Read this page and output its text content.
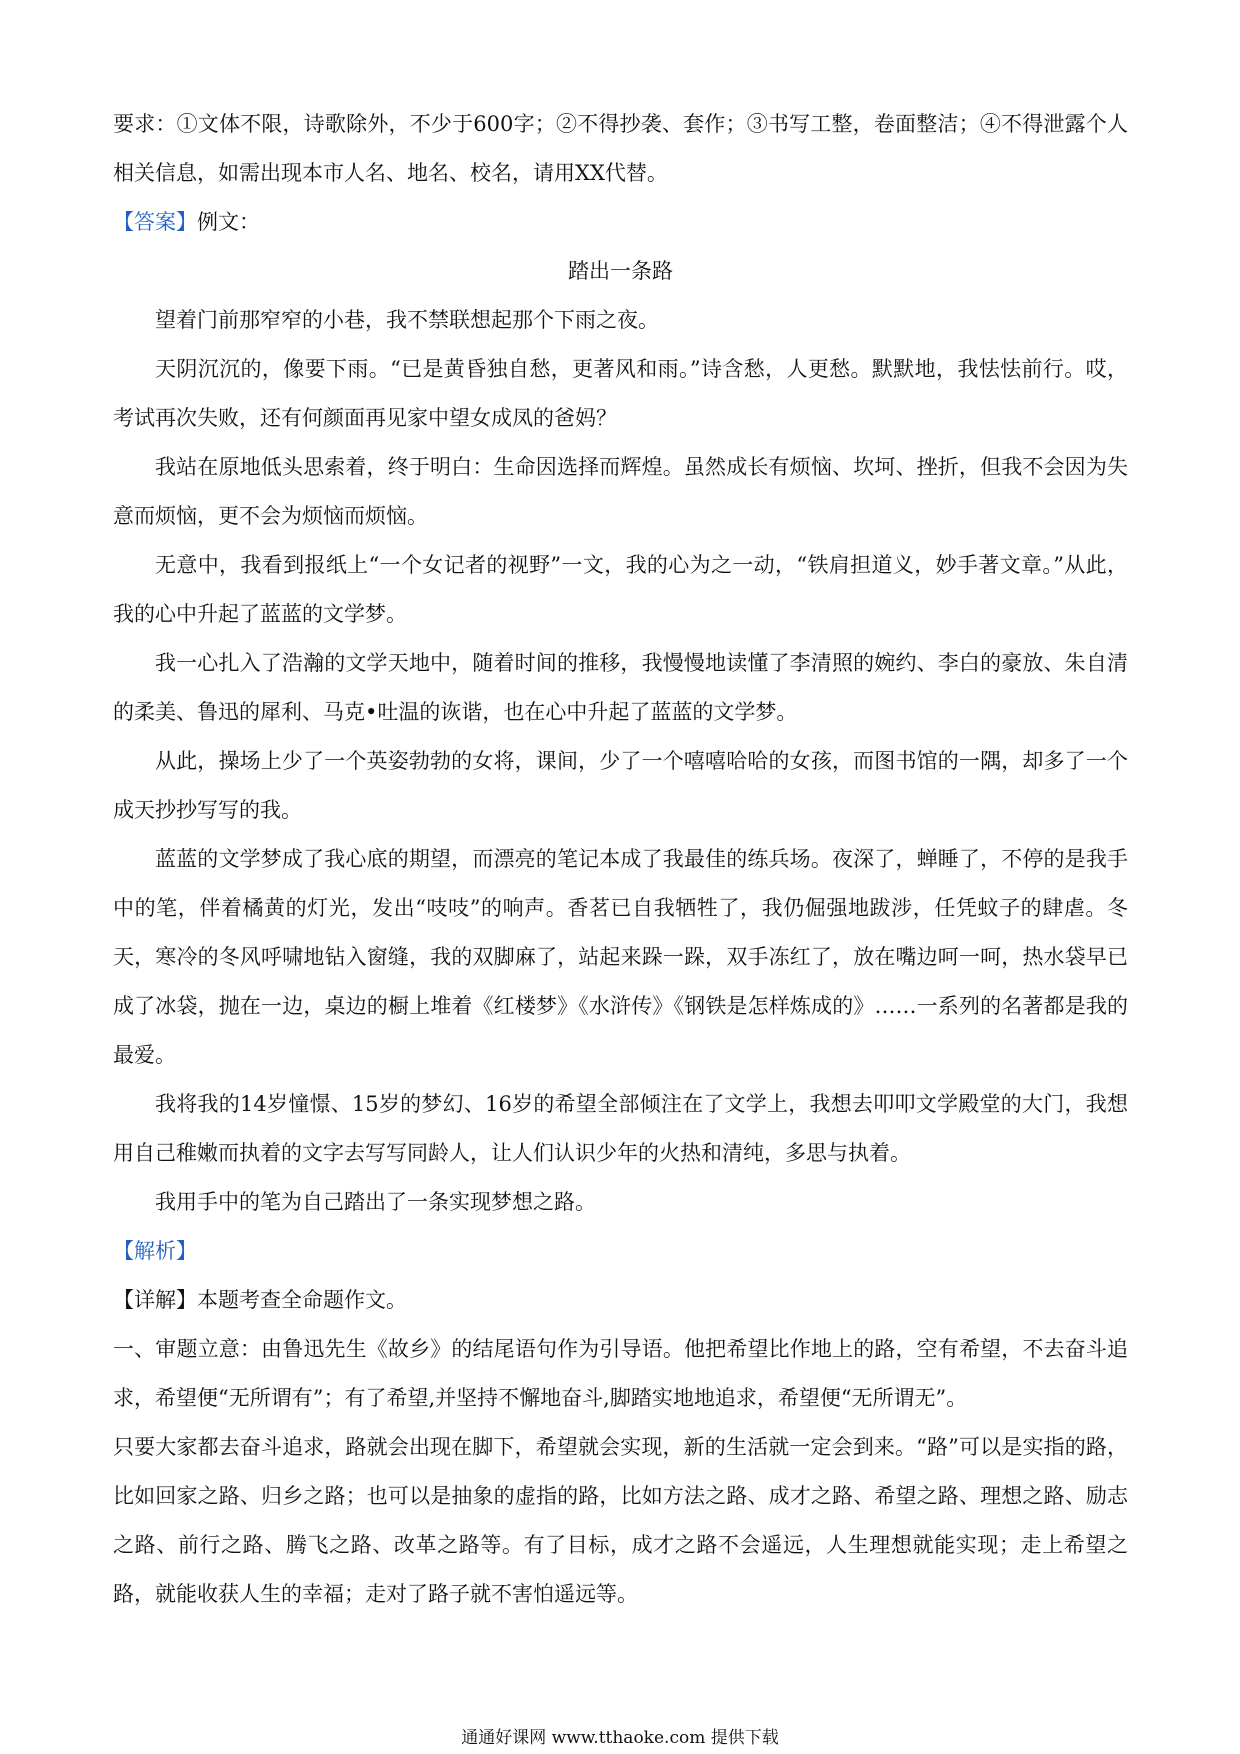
要求：①文体不限，诗歌除外，不少于600字；②不得抄袭、套作；③书写工整，卷面整洁；④不得泄露个人相关信息，如需出现本市人名、地名、校名，请用XX代替。

【答案】例文：

踏出一条路

望着门前那窄窄的小巷，我不禁联想起那个下雨之夜。

天阴沉沉的，像要下雨。“已是黄昏独自愁，更著风和雨。”诗含愁，人更愁。默默地，我怯怯前行。哎，考试再次失败，还有何颜面再见家中望女成凤的爸妈？

我站在原地低头思索着，终于明白：生命因选择而辉煌。虽然成长有烦恼、坎坷、挫折，但我不会因为失意而烦恼，更不会为烦恼而烦恼。

无意中，我看到报纸上“一个女记者的视野”一文，我的心为之一动，“铁肩担道义，妙手著文章。”从此，我的心中升起了蓝蓝的文学梦。

我一心扎入了浩瀚的文学天地中，随着时间的推移，我慢慢地读懂了李清照的婉约、李白的豪放、朱自清的柔美、鲁迅的犀利、马克•吐温的诙谐，也在心中升起了蓝蓝的文学梦。

从此，操场上少了一个英姿勃勃的女将，课间，少了一个嘻嘻哈哈的女孩，而图书馆的一隅，却多了一个成天抄抄写写的我。

蓝蓝的文学梦成了我心底的期望，而漂亮的笔记本成了我最佳的练兵场。夜深了，蝉睡了，不停的是我手中的笔，伴着橘黄的灯光，发出“吱吱”的响声。香茗已自我牺牲了，我仍倔强地跋涉，任凭蚊子的肆虐。冬天，寒冷的冬风呼啸地钻入窗缝，我的双脚麻了，站起来跺一跺，双手冻红了，放在嘴边呵一呵，热水袋早已成了冰袋，抛在一边，桌边的橱上堆着《红楼梦》《水浒传》《钢铁是怎样炼成的》……一系列的名著都是我的最爱。

我将我的14岁憧憬、15岁的梦幻、16岁的希望全部倾注在了文学上，我想去叩叩文学殿堂的大门，我想用自己稚嫩而执着的文字去写写同龄人，让人们认识少年的火热和清纯，多思与执着。

我用手中的笔为自己踏出了一条实现梦想之路。

【解析】

【详解】本题考查全命题作文。

一、审题立意：由鲁迅先生《故乡》的结尾语句作为引导语。他把希望比作地上的路，空有希望，不去奋斗追求，希望便“无所谓有”；有了希望,并坚持不懈地奋斗,脚踏实地地追求，希望便“无所谓无”。

只要大家都去奋斗追求，路就会出现在脚下，希望就会实现，新的生活就一定会到来。“路”可以是实指的路，比如回家之路、归乡之路；也可以是抽象的虚指的路，比如方法之路、成才之路、希望之路、理想之路、励志之路、前行之路、腾飞之路、改革之路等。有了目标，成才之路不会遥远，人生理想就能实现；走上希望之路，就能收获人生的幸福；走对了路子就不害怕遥远等。

通通好课网 www.tthaoke.com 提供下载
